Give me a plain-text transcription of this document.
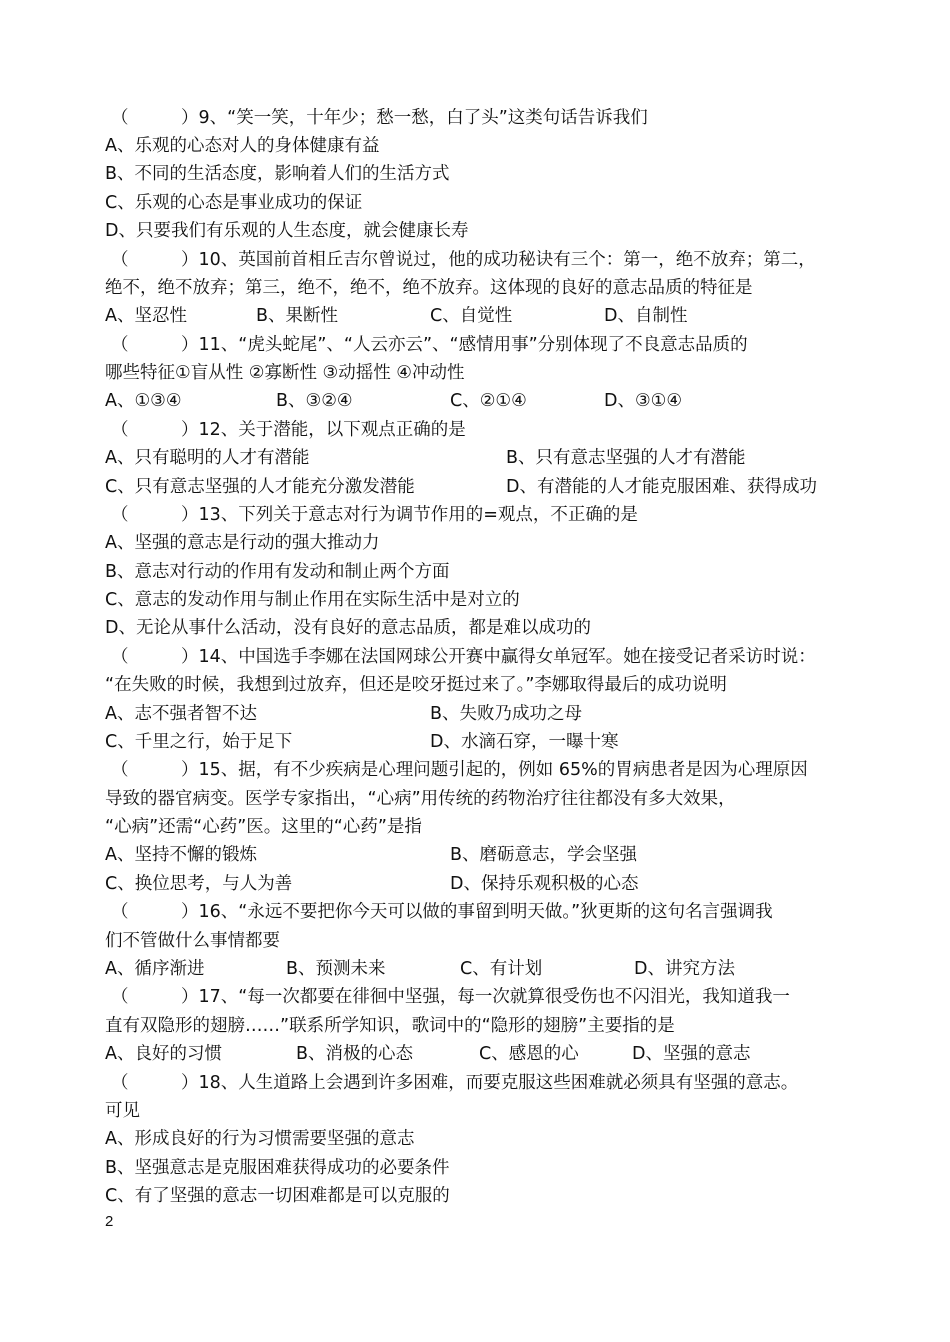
（　　　）9、“笑一笑，十年少；愁一愁，白了头”这类句话告诉我们
A、乐观的心态对人的身体健康有益
B、不同的生活态度，影响着人们的生活方式
C、乐观的心态是事业成功的保证
D、只要我们有乐观的人生态度，就会健康长寿
（　　　）10、英国前首相丘吉尔曾说过，他的成功秘诀有三个：第一，绝不放弃；第二，
绝不，绝不放弃；第三，绝不，绝不，绝不放弃。这体现的良好的意志品质的特征是
A、坚忍性	B、果断性	C、自觉性	D、自制性
（　　　）11、“虎头蛇尾”、“人云亦云”、“感情用事”分别体现了不良意志品质的
哪些特征①盲从性 ②寡断性 ③动摇性 ④冲动性
A、①③④	B、③②④	C、②①④	D、③①④
（　　　）12、关于潜能，以下观点正确的是
A、只有聪明的人才有潜能	B、只有意志坚强的人才有潜能
C、只有意志坚强的人才能充分激发潜能	D、有潜能的人才能克服困难、获得成功
（　　　）13、下列关于意志对行为调节作用的=观点，不正确的是
A、坚强的意志是行动的强大推动力
B、意志对行动的作用有发动和制止两个方面
C、意志的发动作用与制止作用在实际生活中是对立的
D、无论从事什么活动，没有良好的意志品质，都是难以成功的
（　　　）14、中国选手李娜在法国网球公开赛中赢得女单冠军。她在接受记者采访时说：
“在失败的时候，我想到过放弃，但还是咬牙挺过来了。”李娜取得最后的成功说明
A、志不强者智不达	B、失败乃成功之母
C、千里之行，始于足下	D、水滴石穿，一曝十寒
（　　　）15、据，有不少疾病是心理问题引起的，例如 65%的胃病患者是因为心理原因
导致的器官病变。医学专家指出，“心病”用传统的药物治疗往往都没有多大效果，
“心病”还需“心药”医。这里的“心药”是指
A、坚持不懈的锻炼	B、磨砺意志，学会坚强
C、换位思考，与人为善	D、保持乐观积极的心态
（　　　）16、“永远不要把你今天可以做的事留到明天做。”狄更斯的这句名言强调我
们不管做什么事情都要
A、循序渐进	B、预测未来	C、有计划	D、讲究方法
（　　　）17、“每一次都要在徘徊中坚强，每一次就算很受伤也不闪泪光，我知道我一
直有双隐形的翅膀……”联系所学知识，歌词中的“隐形的翅膀”主要指的是
A、良好的习惯	B、消极的心态	C、感恩的心	D、坚强的意志
（　　　）18、人生道路上会遇到许多困难，而要克服这些困难就必须具有坚强的意志。
可见
A、形成良好的行为习惯需要坚强的意志
B、坚强意志是克服困难获得成功的必要条件
C、有了坚强的意志一切困难都是可以克服的
2
